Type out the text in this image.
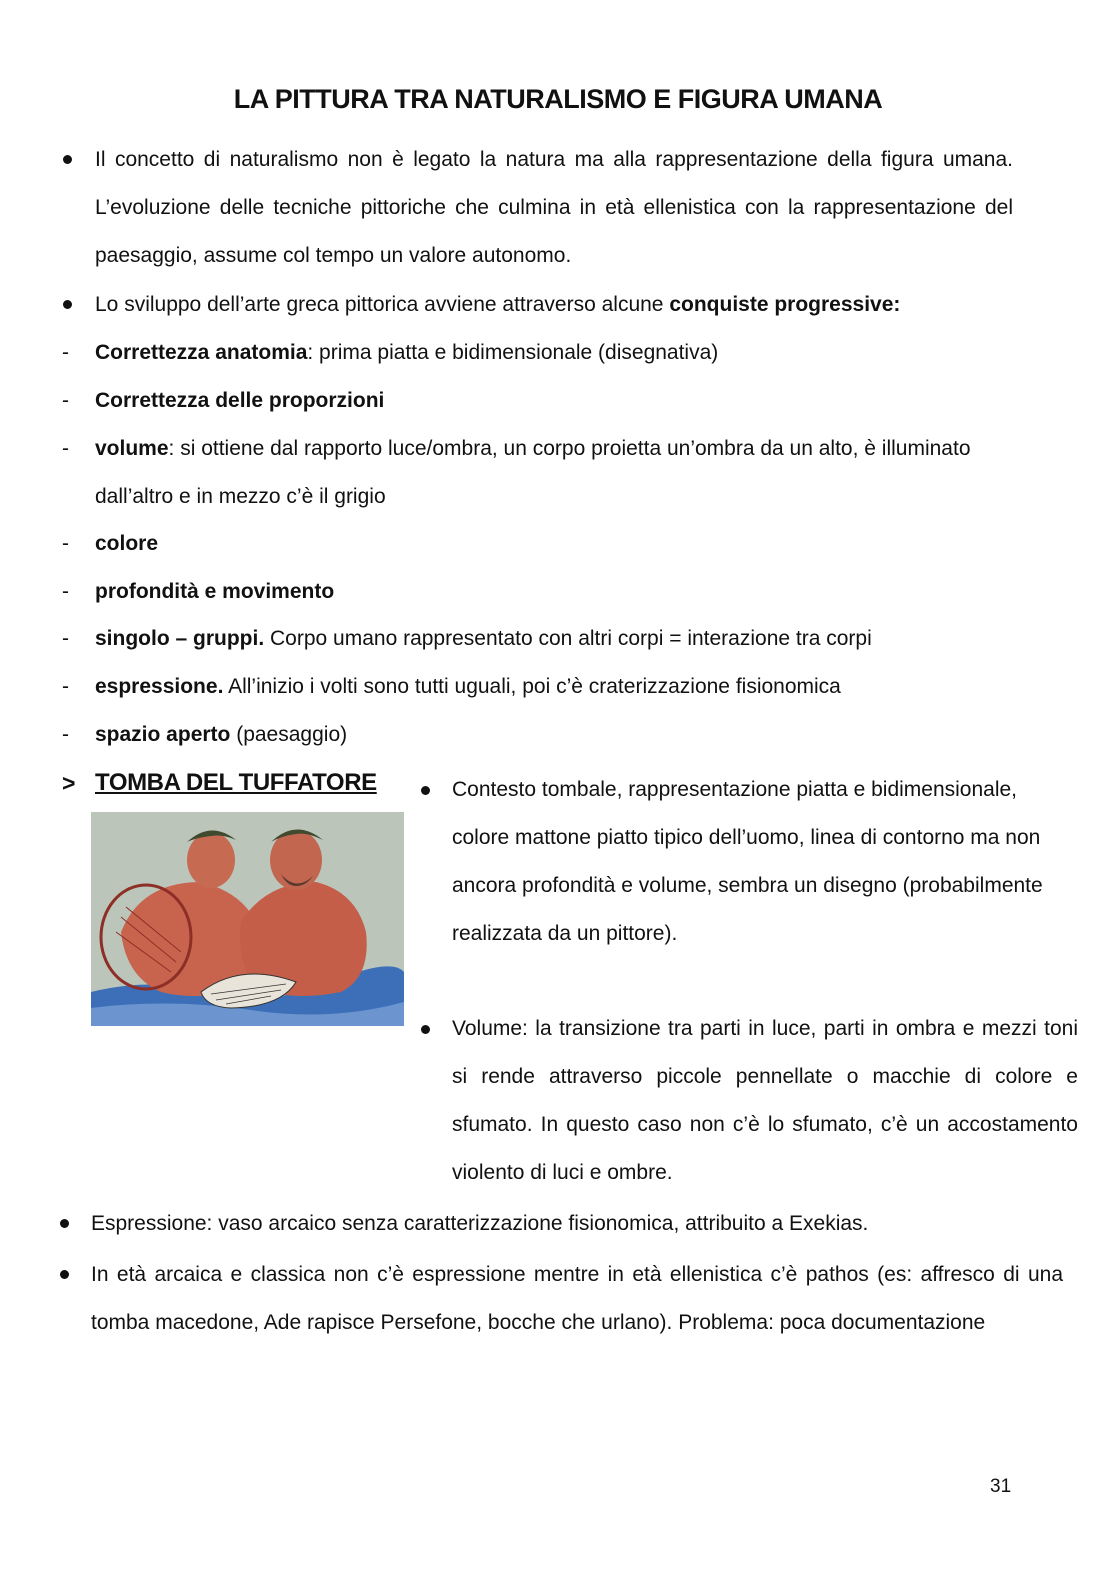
LA PITTURA TRA NATURALISMO E FIGURA UMANA
Il concetto di naturalismo non è legato la natura ma alla rappresentazione della figura umana. L’evoluzione delle tecniche pittoriche che culmina in età ellenistica con la rappresentazione del paesaggio, assume col tempo un valore autonomo.
Lo sviluppo dell’arte greca pittorica avviene attraverso alcune conquiste progressive:
- Correttezza anatomia: prima piatta e bidimensionale (disegnativa)
- Correttezza delle proporzioni
- volume: si ottiene dal rapporto luce/ombra, un corpo proietta un’ombra da un alto, è illuminato dall’altro e in mezzo c’è il grigio
- colore
- profondità e movimento
- singolo – gruppi. Corpo umano rappresentato con altri corpi = interazione tra corpi
- espressione. All’inizio i volti sono tutti uguali, poi c’è craterizzazione fisionomica
- spazio aperto (paesaggio)
> TOMBA DEL TUFFATORE	Contesto tombale, rappresentazione piatta e bidimensionale, colore mattone piatto tipico dell’uomo, linea di contorno ma non ancora profondità e volume, sembra un disegno (probabilmente realizzata da un pittore).
Volume: la transizione tra parti in luce, parti in ombra e mezzi toni si rende attraverso piccole pennellate o macchie di colore e sfumato. In questo caso non c’è lo sfumato, c’è un accostamento violento di luci e ombre.
Espressione: vaso arcaico senza caratterizzazione fisionomica, attribuito a Exekias.
In età arcaica e classica non c’è espressione mentre in età ellenistica c’è pathos (es: affresco di una tomba macedone, Ade rapisce Persefone, bocche che urlano). Problema: poca documentazione
31
